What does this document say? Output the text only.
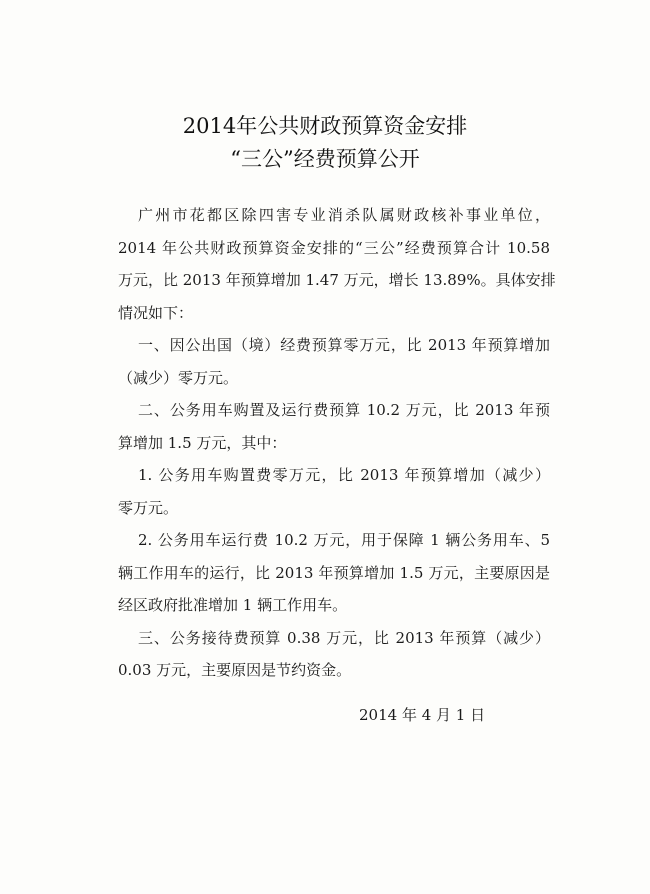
2014年公共财政预算资金安排
“三公”经费预算公开
广州市花都区除四害专业消杀队属财政核补事业单位，
2014 年公共财政预算资金安排的“三公”经费预算合计 10.58
万元，比 2013 年预算增加 1.47 万元，增长 13.89%。具体安排
情况如下：
一、因公出国（境）经费预算零万元，比 2013 年预算增加
（减少）零万元。
二、公务用车购置及运行费预算 10.2 万元，比 2013 年预
算增加 1.5 万元，其中：
1. 公务用车购置费零万元，比 2013 年预算增加（减少）
零万元。
2. 公务用车运行费 10.2 万元，用于保障 1 辆公务用车、5
辆工作用车的运行，比 2013 年预算增加 1.5 万元，主要原因是
经区政府批准增加 1 辆工作用车。
三、公务接待费预算 0.38 万元，比 2013 年预算（减少）
0.03 万元，主要原因是节约资金。
2014 年 4 月 1 日
